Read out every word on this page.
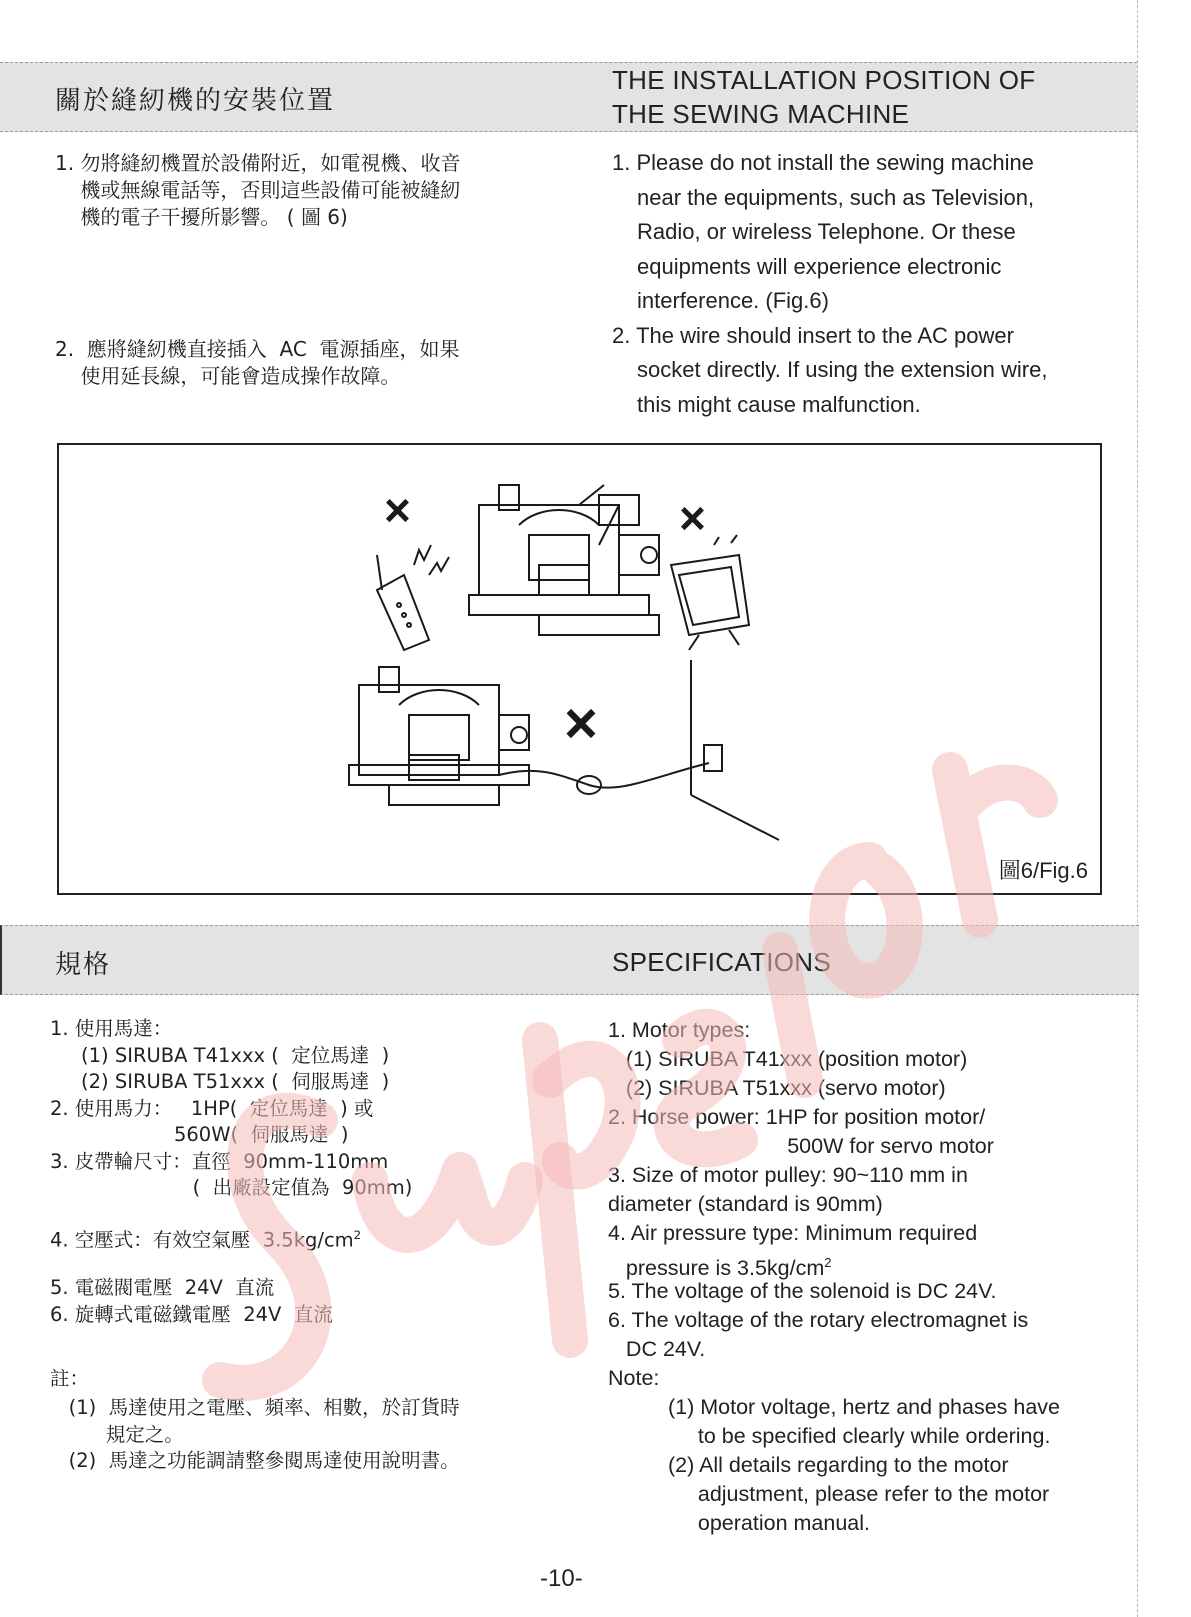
關於縫紉機的安裝位置
THE INSTALLATION POSITION OF
THE SEWING MACHINE
1. 勿將縫紉機置於設備附近，如電視機、收音
機或無線電話等，否則這些設備可能被縫紉
機的電子干擾所影響。 ( 圖 6)
2.  應將縫紉機直接插入  AC  電源插座，如果
使用延長線，可能會造成操作故障。
1. Please do not install the sewing machine
near the equipments, such as Television,
Radio, or wireless Telephone. Or these
equipments will experience electronic
interference. (Fig.6)
2. The wire should insert to the AC power
socket directly. If using the extension wire,
this might cause malfunction.
×	×
×
圖6/Fig.6
規格	SPECIFICATIONS
1. 使用馬達：
(1) SIRUBA T41xxx (  定位馬達  )
(2) SIRUBA T51xxx (  伺服馬達  )
2. 使用馬力：   1HP(  定位馬達  ) 或
560W(  伺服馬達  )
3. 皮帶輪尺寸：直徑  90mm-110mm
(  出廠設定值為  90mm)
4. 空壓式：有效空氣壓  $3.5kg/cm^2$
5. 電磁閥電壓  24V  直流
6. 旋轉式電磁鐵電壓  24V  直流
註：
(1)  馬達使用之電壓、頻率、相數，於訂貨時
規定之。
(2)  馬達之功能調請整參閱馬達使用說明書。
1. Motor types:
(1) SIRUBA T41xxx (position motor)
(2) SIRUBA T51xxx (servo motor)
2. Horse power: 1HP for position motor/
500W for servo motor
3. Size of motor pulley: 90~110 mm in
diameter (standard is 90mm)
4. Air pressure type: Minimum required
pressure is $3.5kg/cm^2$
5. The voltage of the solenoid is DC 24V.
6. The voltage of the rotary electromagnet is
DC 24V.
Note:
(1) Motor voltage, hertz and phases have
to be specified clearly while ordering.
(2) All details regarding to the motor
adjustment, please refer to the motor
operation manual.
-10-
